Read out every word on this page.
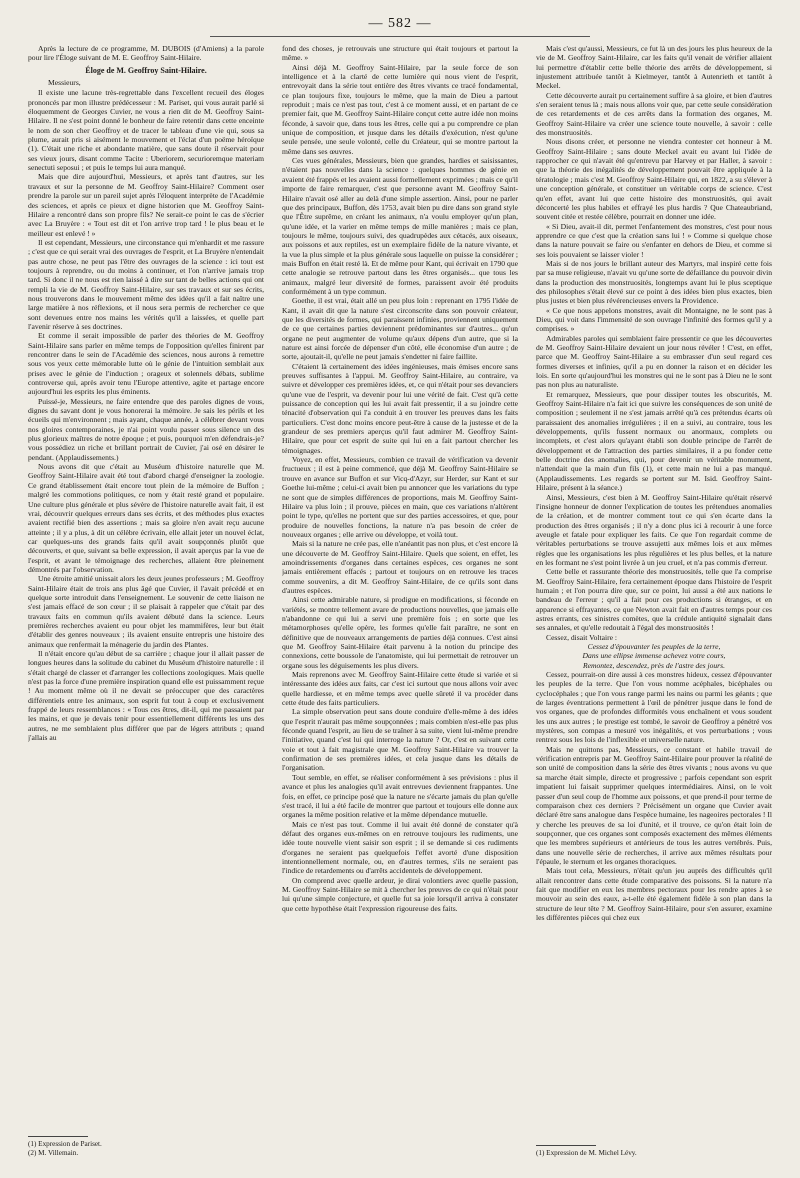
— 582 —

Après la lecture de ce programme, M. DUBOIS (d'Amiens) a la parole pour lire l'Éloge suivant de M. E. Geoffroy Saint-Hilaire.

Éloge de M. Geoffroy Saint-Hilaire.

Messieurs,

Il existe une lacune très-regrettable dans l'excellent recueil des éloges prononcés par mon illustre prédécesseur : M. Pariset, qui vous aurait parlé si éloquemment de Georges Cuvier, ne vous a rien dit de M. Geoffroy Saint-Hilaire. Il ne s'est point donné le bonheur de faire retentir dans cette enceinte le nom de son cher Geoffroy et de tracer le tableau d'une vie qui, sous sa plume, aurait pris si aisément le mouvement et l'éclat d'un poëme héroïque (1). C'était une riche et abondante matière, que sans doute il réservait pour ses vieux jours, disant comme Tacite : Uberiorem, securioremque materiam senectuti seposui ; et puis le temps lui aura manqué.

Mais que dire aujourd'hui, Messieurs, et après tant d'autres, sur les travaux et sur la personne de M. Geoffroy Saint-Hilaire? Comment oser prendre la parole sur un pareil sujet après l'éloquent interprète de l'Académie des sciences, et après ce pieux et digne historien que M. Geoffroy Saint-Hilaire a rencontré dans son propre fils? Ne serait-ce point le cas de s'écrier avec La Bruyère : « Tout est dit et l'on arrive trop tard ! le plus beau et le meilleur est enlevé ! »

Il est cependant, Messieurs, une circonstance qui m'enhardit et me rassure ; c'est que ce qui serait vrai des ouvrages de l'esprit, et La Bruyère n'entendait pas autre chose, ne peut pas l'être des ouvrages de la science : ici tout est toujours à reprendre, ou du moins à continuer, et l'on n'arrive jamais trop tard. Si donc il ne nous est rien laissé à dire sur tant de belles actions qui ont rempli la vie de M. Geoffroy Saint-Hilaire, sur ses travaux et sur ses écrits, nous trouverons dans le mouvement même des idées qu'il a fait naître une large matière à nos réflexions, et il nous sera permis de rechercher ce que sont devenues entre nos mains les vérités qu'il a laissées, et quelle part l'avenir réserve à ses doctrines.

Et comme il serait impossible de parler des théories de M. Geoffroy Saint-Hilaire sans parler en même temps de l'opposition qu'elles finirent par rencontrer dans le sein de l'Académie des sciences, nous aurons à remettre sous vos yeux cette mémorable lutte où le génie de l'intuition semblait aux prises avec le génie de l'induction ; orageux et solennels débats, sublime controverse qui, après avoir tenu l'Europe attentive, agite et partage encore aujourd'hui les esprits les plus éminents.

Puissé-je, Messieurs, ne faire entendre que des paroles dignes de vous, dignes du savant dont je vous honorerai la mémoire. Je sais les périls et les écueils qui m'environnent ; mais ayant, chaque année, à célébrer devant vous nos gloires contemporaines, je n'ai point voulu passer sous silence un des plus glorieux maîtres de notre époque ; et puis, pourquoi m'en défendrais-je? vous possédiez un riche et brillant portrait de Cuvier, j'ai osé en désirer le pendant. (Applaudissements.)

Nous avons dit que c'était au Muséum d'histoire naturelle que M. Geoffroy Saint-Hilaire avait été tout d'abord chargé d'enseigner la zoologie. Ce grand établissement était encore tout plein de la mémoire de Buffon ; malgré les commotions politiques, ce nom y était resté grand et populaire. Une culture plus générale et plus sévère de l'histoire naturelle avait fait, il est vrai, découvrir quelques erreurs dans ses écrits, et des méthodes plus exactes avaient rectifié bien des assertions ; mais sa gloire n'en avait reçu aucune atteinte ; il y a plus, à dit un célèbre écrivain, elle allait jeter un nouvel éclat, car quelques-uns des grands faits qu'il avait soupçonnés plutôt que découverts, et que, suivant sa belle expression, il avait aperçus par la vue de l'esprit, et avant le témoignage des recherches, allaient être pleinement démontrés par l'observation.

Une étroite amitié unissait alors les deux jeunes professeurs ; M. Geoffroy Saint-Hilaire était de trois ans plus âgé que Cuvier, il l'avait précédé et en quelque sorte introduit dans l'enseignement. Le souvenir de cette liaison ne s'est jamais effacé de son cœur ; il se plaisait à rappeler que c'était par des travaux faits en commun qu'ils avaient débuté dans la science. Leurs premières recherches avaient eu pour objet les mammifères, leur but était d'établir des genres nouveaux ; ils avaient ensuite entrepris une histoire des animaux que renfermait la ménagerie du jardin des Plantes.

Il n'était encore qu'au début de sa carrière ; chaque jour il allait passer de longues heures dans la solitude du cabinet du Muséum d'histoire naturelle : il s'était chargé de classer et d'arranger les collections zoologiques. Mais quelle n'est pas la force d'une première inspiration quand elle est puissamment reçue ! Au moment même où il ne devait se préoccuper que des caractères différentiels entre les animaux, son esprit fut tout à coup et exclusivement frappé de leurs ressemblances : « Tous ces êtres, dit-il, qui me passaient par les mains, et que je devais tenir pour essentiellement différents les uns des autres, ne me semblaient plus différer que par de légers attributs ; quand j'allais au

(1) Expression de Pariset.

(2) M. Villemain.

fond des choses, je retrouvais une structure qui était toujours et partout la même. »

Ainsi déjà M. Geoffroy Saint-Hilaire, par la seule force de son intelligence et à la clarté de cette lumière qui nous vient de l'esprit, entrevoyait dans la série tout entière des êtres vivants ce tracé fondamental, ce plan toujours fixe, toujours le même, que la main de Dieu a partout reproduit ; mais ce n'est pas tout, c'est à ce moment aussi, et en partant de ce premier fait, que M. Geoffroy Saint-Hilaire conçut cette autre idée non moins féconde, à savoir que, dans tous les êtres, celle qui a pu comprendre ce plan unique de composition, et jusque dans les détails d'exécution, n'est qu'une seule pensée, une seule volonté, celle du Créateur, qui se montre partout la même dans ses œuvres.

Ces vues générales, Messieurs, bien que grandes, hardies et saisissantes, n'étaient pas nouvelles dans la science : quelques hommes de génie en avaient été frappés et les avaient aussi formellement exprimées ; mais ce qu'il importe de faire remarquer, c'est que personne avant M. Geoffroy Saint-Hilaire n'avait osé aller au delà d'une simple assertion. Ainsi, pour ne parler que des principaux, Buffon, dès 1753, avait bien pu dire dans son grand style que l'Être suprême, en créant les animaux, n'a voulu employer qu'un plan, qu'une idée, et la varier en même temps de mille manières ; mais ce plan, toujours le même, toujours suivi, des quadrupèdes aux cétacés, aux oiseaux, aux poissons et aux reptiles, est un exemplaire fidèle de la nature vivante, et la vue la plus simple et la plus générale sous laquelle on puisse la considérer ; mais Buffon en était resté là. Et de même pour Kant, qui écrivait en 1790 que cette analogie se retrouve partout dans les êtres organisés... que tous les animaux, malgré leur diversité de formes, paraissent avoir été produits conformément à un type commun.

Goethe, il est vrai, était allé un peu plus loin : reprenant en 1795 l'idée de Kant, il avait dit que la nature s'est circonscrite dans son pouvoir créateur, que les diversités de formes, qui paraissent infinies, proviennent uniquement de ce que certaines parties deviennent prédominantes sur d'autres... qu'un organe ne peut augmenter de volume qu'aux dépens d'un autre, que si la nature est ainsi forcée de dépenser d'un côté, elle économise d'un autre ; de sorte, ajoutait-il, qu'elle ne peut jamais s'endetter ni faire faillite.

C'étaient là certainement des idées ingénieuses, mais émises encore sans preuves suffisantes à l'appui. M. Geoffroy Saint-Hilaire, au contraire, va suivre et développer ces premières idées, et, ce qui n'était pour ses devanciers qu'une vue de l'esprit, va devenir pour lui une vérité de fait. C'est qu'à cette puissance de conception qui les lui avait fait pressentir, il a su joindre cette ténacité d'observation qui l'a conduit à en trouver les preuves dans les faits particuliers. C'est donc moins encore peut-être à cause de la justesse et de la grandeur de ses premiers aperçus qu'il faut admirer M. Geoffroy Saint-Hilaire, que pour cet esprit de suite qui lui en a fait partout chercher les témoignages.

Voyez, en effet, Messieurs, combien ce travail de vérification va devenir fructueux ; il est à peine commencé, que déjà M. Geoffroy Saint-Hilaire se trouve en avance sur Buffon et sur Vicq-d'Azyr, sur Herder, sur Kant et sur Goethe lui-même ; celui-ci avait bien pu annoncer que les variations du type ne sont que de simples différences de proportions, mais M. Geoffroy Saint-Hilaire va plus loin ; il prouve, pièces en main, que ces variations n'altèrent point le type, qu'elles ne portent que sur des parties accessoires, et que, pour produire de nouvelles fonctions, la nature n'a pas besoin de créer de nouveaux organes ; elle arrive ou développe, et voilà tout.

Mais si la nature ne crée pas, elle n'anéantit pas non plus, et c'est encore là une découverte de M. Geoffroy Saint-Hilaire. Quels que soient, en effet, les amoindrissements d'organes dans certaines espèces, ces organes ne sont jamais entièrement effacés ; partout et toujours on en retrouve les traces comme souvenirs, a dit M. Geoffroy Saint-Hilaire, de ce qu'ils sont dans d'autres espèces.

Ainsi cette admirable nature, si prodigue en modifications, si féconde en variétés, se montre tellement avare de productions nouvelles, que jamais elle n'abandonne ce qui lui a servi une première fois ; en sorte que les métamorphoses qu'elle opère, les formes qu'elle fait paraître, ne sont en définitive que de nouveaux arrangements de parties déjà connues. C'est ainsi que M. Geoffroy Saint-Hilaire était parvenu à la notion du principe des connexions, cette boussole de l'anatomiste, qui lui permettait de retrouver un organe sous les déguisements les plus divers.

Mais reprenons avec M. Geoffroy Saint-Hilaire cette étude si variée et si intéressante des idées aux faits, car c'est ici surtout que nous allons voir avec quelle hardiesse, et en même temps avec quelle sûreté il va procéder dans cette étude des faits particuliers.

La simple observation peut sans doute conduire d'elle-même à des idées que l'esprit n'aurait pas même soupçonnées ; mais combien n'est-elle pas plus féconde quand l'esprit, au lieu de se traîner à sa suite, vient lui-même prendre l'initiative, quand c'est lui qui interroge la nature ? Or, c'est en suivant cette voie et tout à fait magistrale que M. Geoffroy Saint-Hilaire va trouver la confirmation de ses premières idées, et cela jusque dans les détails de l'organisation.

Tout semble, en effet, se réaliser conformément à ses prévisions : plus il avance et plus les analogies qu'il avait entrevues deviennent frappantes. Une fois, en effet, ce principe posé que la nature ne s'écarte jamais du plan qu'elle s'est tracé, il lui a été facile de montrer que partout et toujours elle donne aux organes la même position relative et la même dépendance mutuelle.

Mais ce n'est pas tout. Comme il lui avait été donné de constater qu'à défaut des organes eux-mêmes on en retrouve toujours les rudiments, une idée toute nouvelle vient saisir son esprit ; il se demande si ces rudiments d'organes ne seraient pas quelquefois l'effet avorté d'une disposition intentionnellement normale, ou, en d'autres termes, s'ils ne seraient pas l'indice de retardements ou d'arrêts accidentels de développement.

On comprend avec quelle ardeur, je dirai volontiers avec quelle passion, M. Geoffroy Saint-Hilaire se mit à chercher les preuves de ce qui n'était pour lui qu'une simple conjecture, et quelle fut sa joie lorsqu'il arriva à constater que cette hypothèse était l'expression rigoureuse des faits.

Mais c'est qu'aussi, Messieurs, ce fut là un des jours les plus heureux de la vie de M. Geoffroy Saint-Hilaire, car les faits qu'il venait de vérifier allaient lui permettre d'établir cette belle théorie des arrêts de développement, si injustement attribuée tantôt à Kielmeyer, tantôt à Autenrieth et tantôt à Meckel.

Cette découverte aurait pu certainement suffire à sa gloire, et bien d'autres s'en seraient tenus là ; mais nous allons voir que, par cette seule considération de ces retardements et de ces arrêts dans la formation des organes, M. Geoffroy Saint-Hilaire va créer une science toute nouvelle, à savoir : celle des monstruosités.

Nous disons créer, et personne ne viendra contester cet honneur à M. Geoffroy Saint-Hilaire ; sans doute Meckel avait eu avant lui l'idée de rapprocher ce qui n'avait été qu'entrevu par Harvey et par Haller, à savoir : que la théorie des inégalités de développement pouvait être appliquée à la tératologie ; mais c'est M. Geoffroy Saint-Hilaire qui, en 1822, a su s'élever à une conception générale, et constituer un véritable corps de science. C'est qu'en effet, avant lui que cette histoire des monstruosités, qui avait déconcerté les plus habiles et effrayé les plus hardis ? Que Chateaubriand, souvent citée et restée célèbre, pourrait en donner une idée.

« Si Dieu, avait-il dit, permet l'enfantement des monstres, c'est pour nous apprendre ce que c'est que la création sans lui ! » Comme si quelque chose dans la nature pouvait se faire ou s'enfanter en dehors de Dieu, et comme si ses lois pouvaient se laisser violer !

Mais si de nos jours le brillant auteur des Martyrs, mal inspiré cette fois par sa muse religieuse, n'avait vu qu'une sorte de défaillance du pouvoir divin dans la production des monstruosités, longtemps avant lui le plus sceptique des philosophes s'était élevé sur ce point à des idées bien plus exactes, bien plus justes et bien plus révérencieuses envers la Providence.

« Ce que nous appelons monstres, avait dit Montaigne, ne le sont pas à Dieu, qui voit dans l'immensité de son ouvrage l'infinité des formes qu'il y a comprises. »

Admirables paroles qui semblaient faire pressentir ce que les découvertes de M. Geoffroy Saint-Hilaire devaient un jour nous révéler ! C'est, en effet, parce que M. Geoffroy Saint-Hilaire a su embrasser d'un seul regard ces formes diverses et infinies, qu'il a pu en donner la raison et en décider les lois. En sorte qu'aujourd'hui les monstres qui ne le sont pas à Dieu ne le sont pas non plus au naturaliste.

Et remarquez, Messieurs, que pour dissiper toutes les obscurités, M. Geoffroy Saint-Hilaire n'a fait ici que suivre les conséquences de son unité de composition ; seulement il ne s'est jamais arrêté qu'à ces prétendus écarts où paraissaient des anomalies irrégulières ; il en a suivi, au contraire, tous les développements, qu'ils fussent normaux ou anormaux, complets ou incomplets, et c'est alors qu'ayant établi son double principe de l'arrêt de développement et de l'attraction des parties similaires, il a pu fonder cette belle doctrine des anomalies, qui, pour devenir un véritable monument, n'attendait que la main d'un fils (1), et cette main ne lui a pas manqué. (Applaudissements. Les regards se portent sur M. Isid. Geoffroy Saint-Hilaire, présent à la séance.)

Ainsi, Messieurs, c'est bien à M. Geoffroy Saint-Hilaire qu'était réservé l'insigne honneur de donner l'explication de toutes les prétendues anomalies de la création, et de montrer comment tout ce qui s'en écarte dans la production des êtres organisés ; il n'y a donc plus ici à recourir à une force aveugle et fatale pour expliquer les faits. Ce que l'on regardait comme de véritables perturbations se trouve assujetti aux mêmes lois et aux mêmes règles que les organisations les plus régulières et les plus belles, et la nature en les formant ne s'est point livrée à un jeu cruel, et n'a pas commis d'erreur.

Cette belle et rassurante théorie des monstruosités, telle que l'a comprise M. Geoffroy Saint-Hilaire, fera certainement époque dans l'histoire de l'esprit humain ; et l'on pourra dire que, sur ce point, lui aussi a été aux nations le bandeau de l'erreur ; qu'il a fait pour ces productions si étranges, et en apparence si effrayantes, ce que Newton avait fait en d'autres temps pour ces astres errants, ces sinistres comètes, que la crédule antiquité signalait dans ses annales, et qu'elle redoutait à l'égal des monstruosités !

Cessez, disait Voltaire :

Cessez d'épouvanter les peuples de la terre,

Dans une ellipse immense achevez votre cours,

Remontez, descendez, près de l'astre des jours.

Cessez, pourrait-on dire aussi à ces monstres hideux, cessez d'épouvanter les peuples de la terre. Que l'on vous nomme acéphales, bicéphales ou cyclocéphales ; que l'on vous range parmi les nains ou parmi les géants ; que de larges éventrations permettent à l'œil de pénétrer jusque dans le fond de vos organes, que de profondes difformités vous enchaînent et vous soudent les uns aux autres ; le prestige est tombé, le savoir de Geoffroy a pénétré vos mystères, son compas a mesuré vos inégalités, et vos perturbations ; vous rentrez sous les lois de l'inflexible et universelle nature.

Mais ne quittons pas, Messieurs, ce constant et habile travail de vérification entrepris par M. Geoffroy Saint-Hilaire pour prouver la réalité de son unité de composition dans la série des êtres vivants ; nous avons vu que sa marche était simple, directe et progressive ; parfois cependant son esprit impatient lui faisait supprimer quelques intermédiaires. Ainsi, on le voit passer d'un seul coup de l'homme aux poissons, et que prend-il pour terme de comparaison chez ces derniers ? Précisément un organe que Cuvier avait déclaré être sans analogue dans l'espèce humaine, les nageoires pectorales ! Il y cherche les preuves de sa loi d'unité, et il trouve, ce qu'on était loin de soupçonner, que ces organes sont composés exactement des mêmes éléments que les membres supérieurs et antérieurs de tous les autres vertébrés. Puis, dans une nouvelle série de recherches, il arrive aux mêmes résultats pour l'épaule, le sternum et les organes thoraciques.

Mais tout cela, Messieurs, n'était qu'un jeu auprès des difficultés qu'il allait rencontrer dans cette étude comparative des poissons. Si la nature n'a fait que modifier en eux les membres pectoraux pour les rendre aptes à se mouvoir au sein des eaux, a-t-elle été également fidèle à son plan dans la structure de leur tête ? M. Geoffroy Saint-Hilaire, pour s'en assurer, examine les différentes pièces qui chez eux

(1) Expression de M. Michel Lévy.
